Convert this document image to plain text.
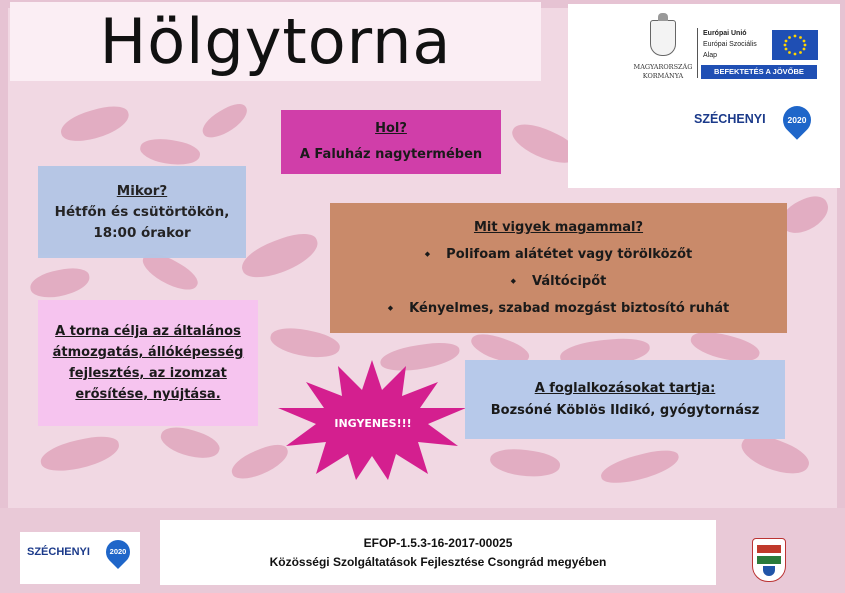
Hölgytorna	MAGYARORSZÁG
KORMÁNYA
Európai Unió
Európai Szociális
Alap
BEFEKTETÉS A JÖVŐBE
SZÉCHENYI	2020
Hol?
A Faluház nagytermében
Mikor?
Hétfőn és csütörtökön,
18:00 órakor	Mit vigyek magammal?
◆ Polifoam alátétet vagy törölközőt
◆ Váltócipőt
◆ Kényelmes, szabad mozgást biztosító ruhát
A torna célja az általános
átmozgatás, állóképesség
fejlesztés, az izomzat
erősítése, nyújtása.
INGYENES!!!
A foglalkozásokat tartja:
Bozsóné Köblös Ildikó, gyógytornász
SZÉCHENYI	2020
EFOP-1.5.3-16-2017-00025
Közösségi Szolgáltatások Fejlesztése Csongrád megyében
